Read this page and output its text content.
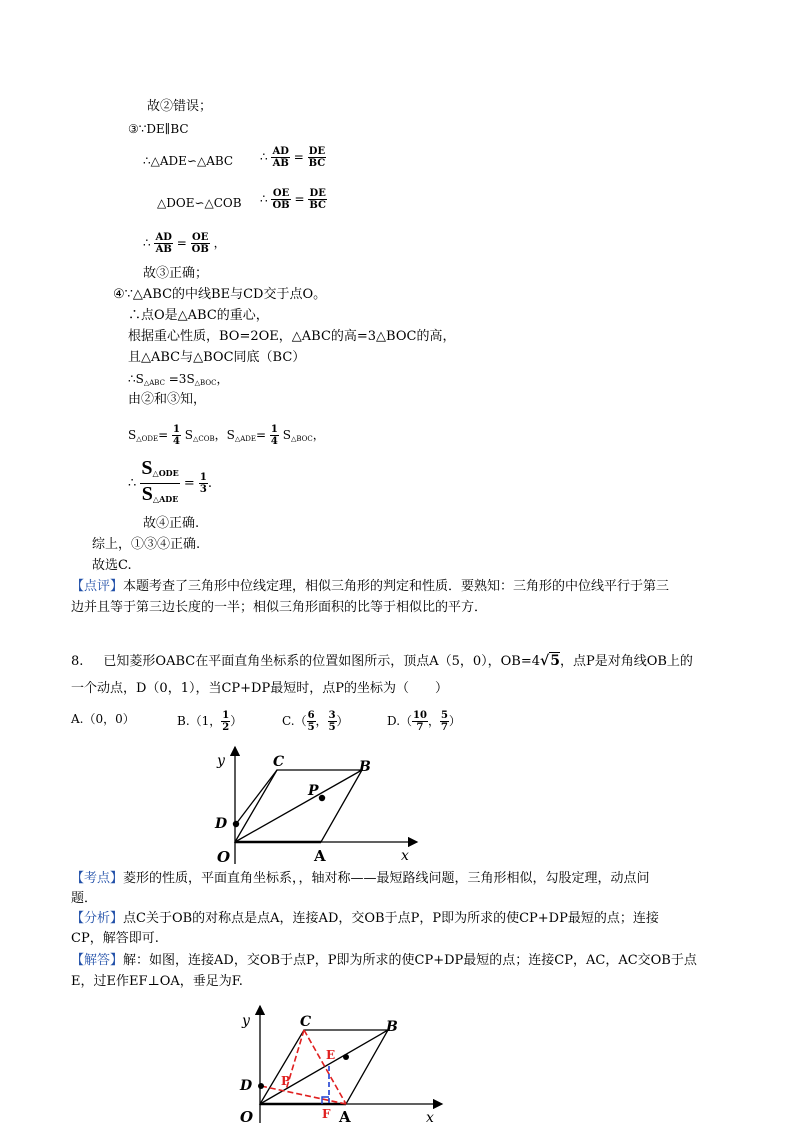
故②错误；
③∵DE∥BC
∴△ADE∽△ABC ∴ $\frac{AD}{AB} = \frac{DE}{BC}$
△DOE∽△COB ∴ $\frac{OE}{OB} = \frac{DE}{BC}$
∴ $\frac{AD}{AB} = \frac{OE}{OB}$ ，
故③正确；
④∵△ABC的中线BE与CD交于点O。
∴点O是△ABC的重心，
根据重心性质，BO=2OE，△ABC的高=3△BOC的高，
且△ABC与△BOC同底（BC）
$\therefore S_{\triangle ABC} =3S_{\triangle BOC}$，
由②和③知，
$S_{\triangle ODE}= \frac{1}{4} S_{\triangle COB}$，$S_{\triangle ADE}= \frac{1}{4} S_{\triangle BOC}$，
∴ $\frac{S_{\triangle ODE}}{S_{\triangle ADE}} = \frac{1}{3}$ .
故④正确.
综上，①③④正确.
故选C.
【点评】本题考查了三角形中位线定理，相似三角形的判定和性质．要熟知：三角形的中位线平行于第三
边并且等于第三边长度的一半；相似三角形面积的比等于相似比的平方．
8. 已知菱形OABC在平面直角坐标系的位置如图所示，顶点A（5，0），OB=4√5，点P是对角线OB上的
一个动点，D（0，1），当CP+DP最短时，点P的坐标为（　　）
A.（0，0）	B.（1， $\frac{1}{2}$ ）	$C.( \frac{6}{5}$ ， $\frac{3}{5}$ ）	$D.( \frac{10}{7}$ ， $\frac{5}{7}$ ）
y
x
O	A
B
C
D
P
【考点】菱形的性质，平面直角坐标系，，轴对称——最短路线问题，三角形相似，勾股定理，动点问
题．
【分析】点C关于OB的对称点是点A，连接AD，交OB于点P，P即为所求的使CP+DP最短的点；连接
CP，解答即可.
【解答】解：如图，连接AD，交OB于点P，P即为所求的使CP+DP最短的点；连接CP，AC，AC交OB于点
E，过E作EF⊥OA，垂足为F.
y
x
O	A
B
C
D P
E
F
